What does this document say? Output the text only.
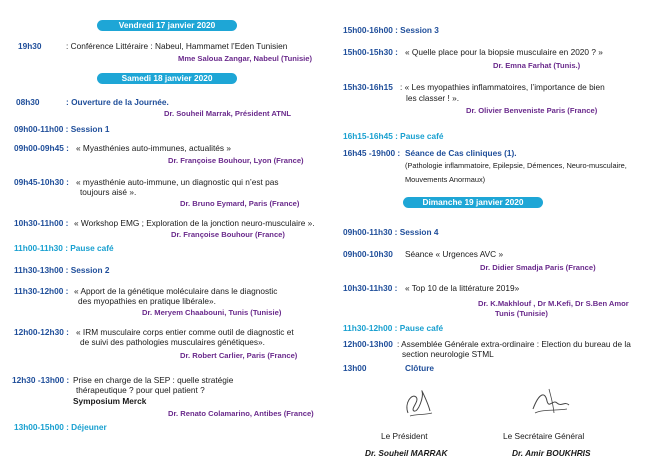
Vendredi 17 janvier 2020
19h30	: Conférence Littéraire : Nabeul, Hammamet l’Eden Tunisien
Mme Saloua Zangar, Nabeul (Tunisie)
Samedi 18 janvier 2020
08h30	: Ouverture de la Journée.
Dr. Souheil Marrak, Président ATNL
09h00-11h00 : Session 1
09h00-09h45 : « Myasthénies auto-immunes, actualités »
Dr. Françoise Bouhour, Lyon (France)
09h45-10h30 : « myasthénie auto-immune, un diagnostic qui n’est pas
toujours aisé ».
Dr. Bruno Eymard, Paris (France)
10h30-11h00 : « Workshop EMG ; Exploration de la jonction neuro-musculaire ».
Dr. Françoise Bouhour (France)
11h00-11h30 : Pause café
11h30-13h00 : Session 2
11h30-12h00 : « Apport de la génétique moléculaire dans le diagnostic
des myopathies en pratique libérale».
Dr. Meryem Chaabouni, Tunis (Tunisie)
12h00-12h30 : « IRM musculaire corps entier comme outil de diagnostic et
de suivi des pathologies musculaires génétiques».
Dr. Robert Carlier, Paris (France)
12h30 -13h00 : Prise en charge de la SEP : quelle stratégie
thérapeutique ? pour quel patient ?
Symposium Merck
Dr. Renato Colamarino, Antibes (France)
13h00-15h00 : Déjeuner
15h00-16h00 : Session 3
15h00-15h30 : « Quelle place pour la biopsie musculaire en 2020 ? »
Dr. Emna Farhat (Tunis.)
15h30-16h15 : « Les myopathies inflammatoires, l’importance de bien
les classer ! ».
Dr. Olivier Benveniste Paris (France)
16h15-16h45 : Pause café
16h45 -19h00 : Séance de Cas cliniques (1).
(Pathologie inflammatoire, Epilepsie, Démences, Neuro-musculaire,
Mouvements Anormaux)
Dimanche 19 janvier 2020
09h00-11h30 : Session 4
09h00-10h30 Séance « Urgences AVC »
Dr. Didier Smadja Paris (France)
10h30-11h30 : « Top 10 de la littérature 2019»
Dr. K.Makhlouf , Dr M.Kefi, Dr S.Ben Amor
Tunis (Tunisie)
11h30-12h00 : Pause café
12h00-13h00 : Assemblée Générale extra-ordinaire : Election du bureau de la
section neurologie STML
13h00	Clôture
Le Président
Dr. Souheil MARRAK
Le Secrétaire Général
Dr. Amir BOUKHRIS
